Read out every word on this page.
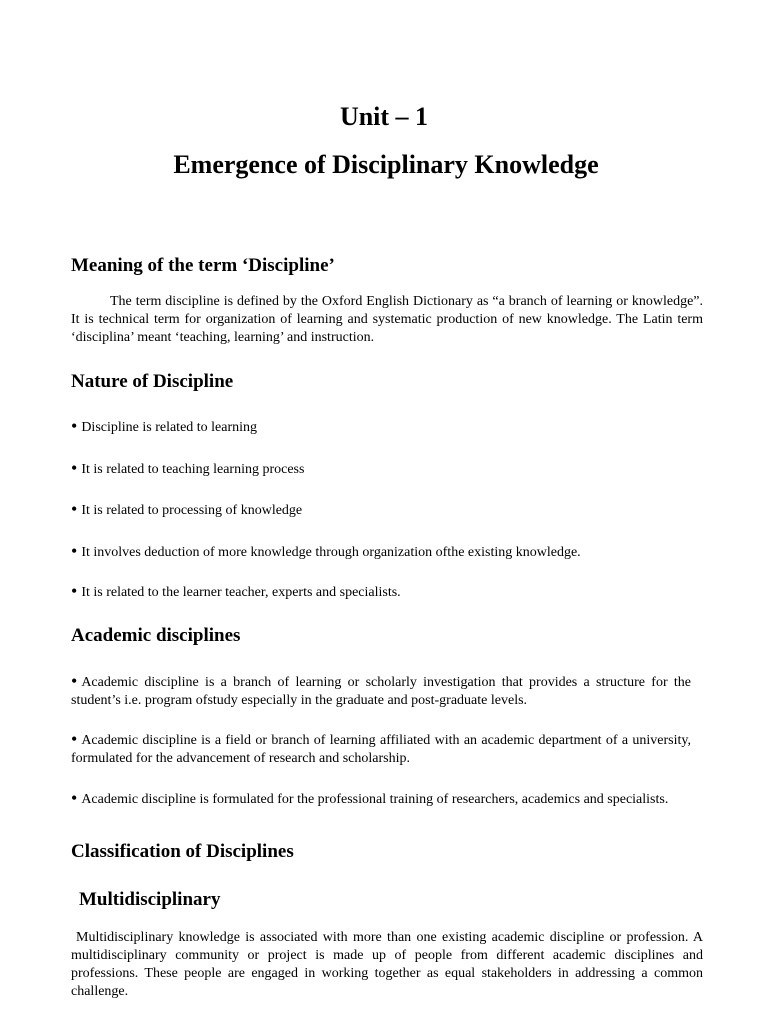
Unit – 1
Emergence of Disciplinary Knowledge
Meaning of the term ‘Discipline’
The term discipline is defined by the Oxford English Dictionary as “a branch of learning or knowledge”. It is technical term for organization of learning and systematic production of new knowledge. The Latin term ‘disciplina’ meant ‘teaching, learning’ and instruction.
Nature of Discipline
• Discipline is related to learning
• It is related to teaching learning process
• It is related to processing of knowledge
• It involves deduction of more knowledge through organization ofthe existing knowledge.
• It is related to the learner teacher, experts and specialists.
Academic disciplines
• Academic discipline is a branch of learning or scholarly investigation that provides a structure for the student’s i.e. program ofstudy especially in the graduate and post-graduate levels.
• Academic discipline is a field or branch of learning affiliated with an academic department of a university, formulated for the advancement of research and scholarship.
• Academic discipline is formulated for the professional training of researchers, academics and specialists.
Classification of Disciplines
Multidisciplinary
Multidisciplinary knowledge is associated with more than one existing academic discipline or profession. A multidisciplinary community or project is made up of people from different academic disciplines and professions. These people are engaged in working together as equal stakeholders in addressing a common challenge.
